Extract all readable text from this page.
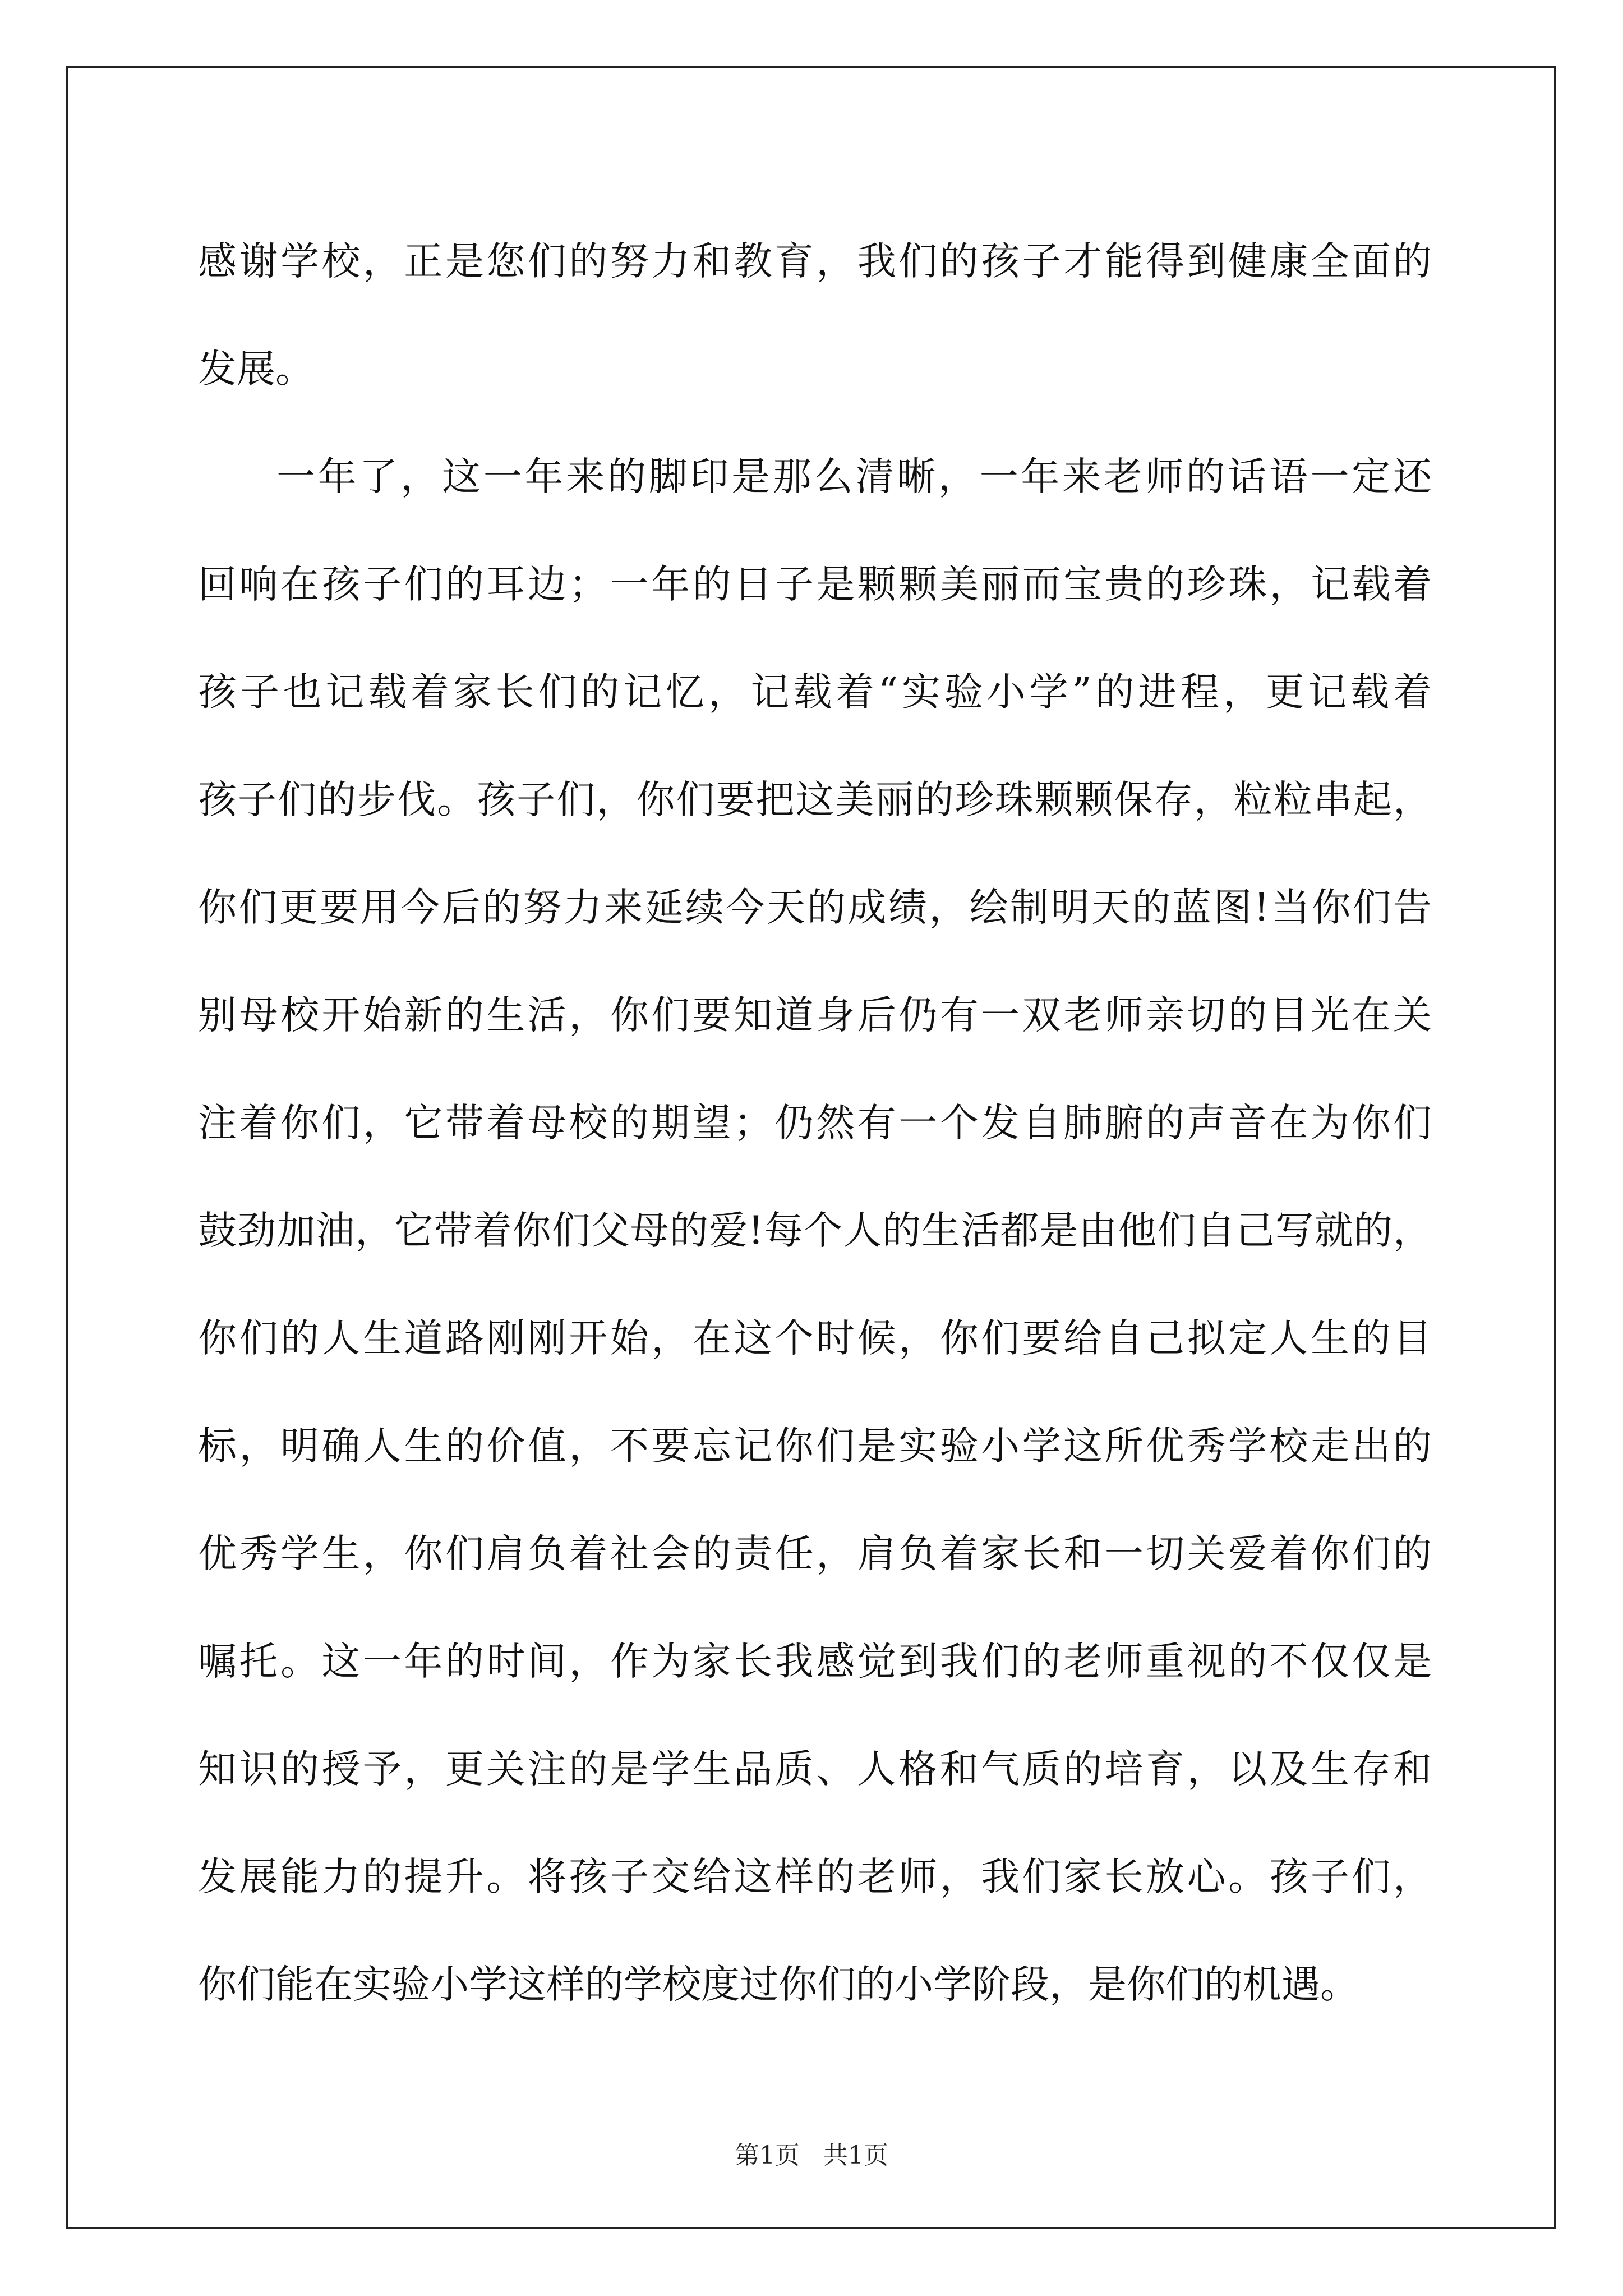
感谢学校，正是您们的努力和教育，我们的孩子才能得到健康全面的
发展。
一年了，这一年来的脚印是那么清晰，一年来老师的话语一定还
回响在孩子们的耳边；一年的日子是颗颗美丽而宝贵的珍珠，记载着
孩子也记载着家长们的记忆，记载着“实验小学”的进程，更记载着
孩子们的步伐。孩子们，你们要把这美丽的珍珠颗颗保存，粒粒串起，
你们更要用今后的努力来延续今天的成绩，绘制明天的蓝图!当你们告
别母校开始新的生活，你们要知道身后仍有一双老师亲切的目光在关
注着你们，它带着母校的期望；仍然有一个发自肺腑的声音在为你们
鼓劲加油，它带着你们父母的爱!每个人的生活都是由他们自己写就的，
你们的人生道路刚刚开始，在这个时候，你们要给自己拟定人生的目
标，明确人生的价值，不要忘记你们是实验小学这所优秀学校走出的
优秀学生，你们肩负着社会的责任，肩负着家长和一切关爱着你们的
嘱托。这一年的时间，作为家长我感觉到我们的老师重视的不仅仅是
知识的授予，更关注的是学生品质、人格和气质的培育，以及生存和
发展能力的提升。将孩子交给这样的老师，我们家长放心。孩子们，
你们能在实验小学这样的学校度过你们的小学阶段，是你们的机遇。
第1页 共1页
